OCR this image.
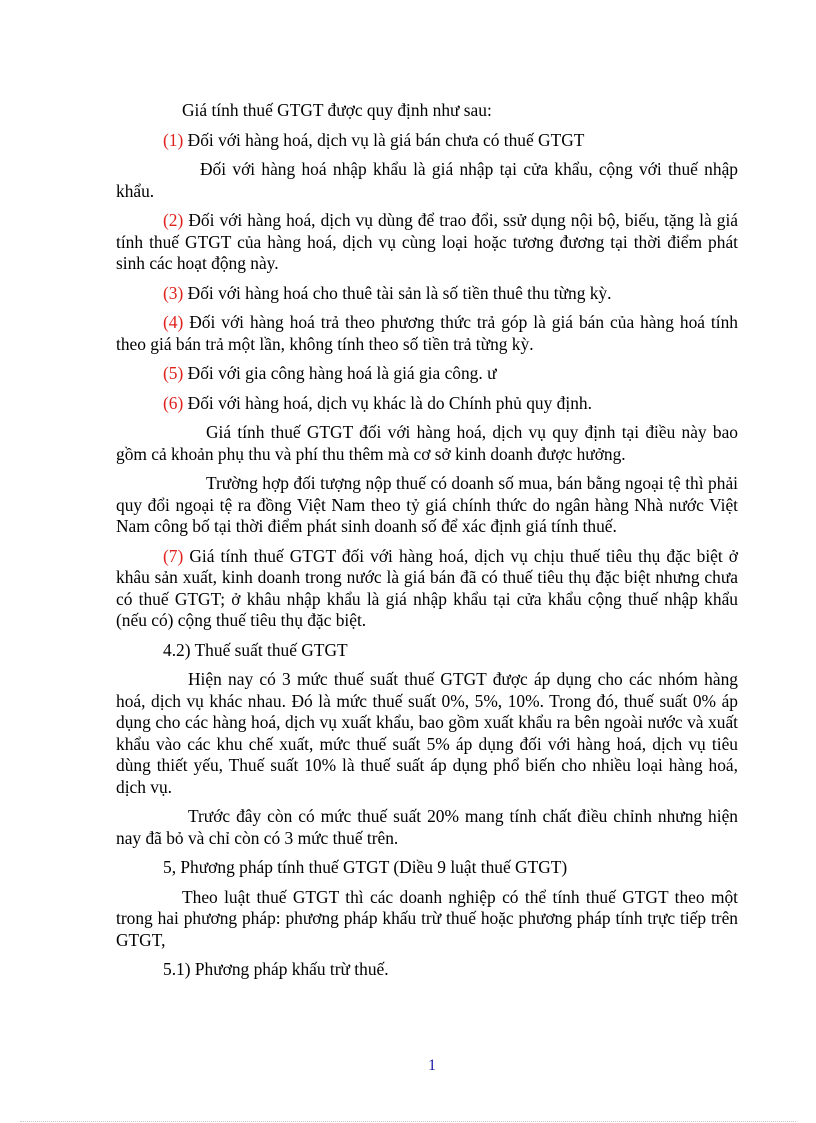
Giá tính thuế GTGT được quy định như sau:

(1) Đối với hàng hoá, dịch vụ là giá bán chưa có thuế GTGT

Đối với hàng hoá nhập khẩu là giá nhập tại cửa khẩu, cộng với thuế nhập khẩu.

(2) Đối với hàng hoá, dịch vụ dùng để trao đổi, ssử dụng nội bộ, biếu, tặng là giá tính thuế GTGT của hàng hoá, dịch vụ cùng loại hoặc tương đương tại thời điểm phát sinh các hoạt động này.

(3) Đối với hàng hoá cho thuê tài sản là số tiền thuê thu từng kỳ.

(4) Đối với hàng hoá trả theo phương thức trả góp là giá bán của hàng hoá tính theo giá bán trả một lần, không tính theo số tiền trả từng kỳ.

(5) Đối với gia công hàng hoá là giá gia công. ư

(6) Đối với hàng hoá, dịch vụ khác là do Chính phủ quy định.

Giá tính thuế GTGT đối với hàng hoá, dịch vụ quy định tại điều này bao gồm cả khoản phụ thu và phí thu thêm mà cơ sở kinh doanh được hưởng.

Trường hợp đối tượng nộp thuế có doanh số mua, bán bằng ngoại tệ thì phải quy đổi ngoại tệ ra đồng Việt Nam theo tỷ giá chính thức do ngân hàng Nhà nước Việt Nam công bố tại thời điểm phát sinh doanh số để xác định giá tính thuế.

(7) Giá tính thuế GTGT đối với hàng hoá, dịch vụ chịu thuế tiêu thụ đặc biệt ở khâu sản xuất, kinh doanh trong nước là giá bán đã có thuế tiêu thụ đặc biệt nhưng chưa có thuế GTGT; ở khâu nhập khẩu là giá nhập khẩu tại cửa khẩu cộng thuế nhập khẩu (nếu có) cộng thuế tiêu thụ đặc biệt.

4.2) Thuế suất thuế GTGT

Hiện nay có 3 mức thuế suất thuế GTGT được áp dụng cho các nhóm hàng hoá, dịch vụ khác nhau. Đó là mức thuế suất 0%, 5%, 10%. Trong đó, thuế suất 0% áp dụng cho các hàng hoá, dịch vụ xuất khẩu, bao gồm xuất khẩu ra bên ngoài nước và xuất khẩu vào các khu chế xuất, mức thuế suất 5% áp dụng đối với hàng hoá, dịch vụ tiêu dùng thiết yếu, Thuế suất 10% là thuế suất áp dụng phổ biến cho nhiều loại hàng hoá, dịch vụ.

Trước đây còn có mức thuế suất 20% mang tính chất điều chỉnh nhưng hiện nay đã bỏ và chỉ còn có 3 mức thuế trên.

5, Phương pháp tính thuế GTGT (Diều 9 luật thuế GTGT)

Theo luật thuế GTGT thì các doanh nghiệp có thể tính thuế GTGT theo một trong hai phương pháp: phương pháp khấu trừ thuế hoặc phương pháp tính trực tiếp trên GTGT,

5.1) Phương pháp khấu trừ thuế.

1
